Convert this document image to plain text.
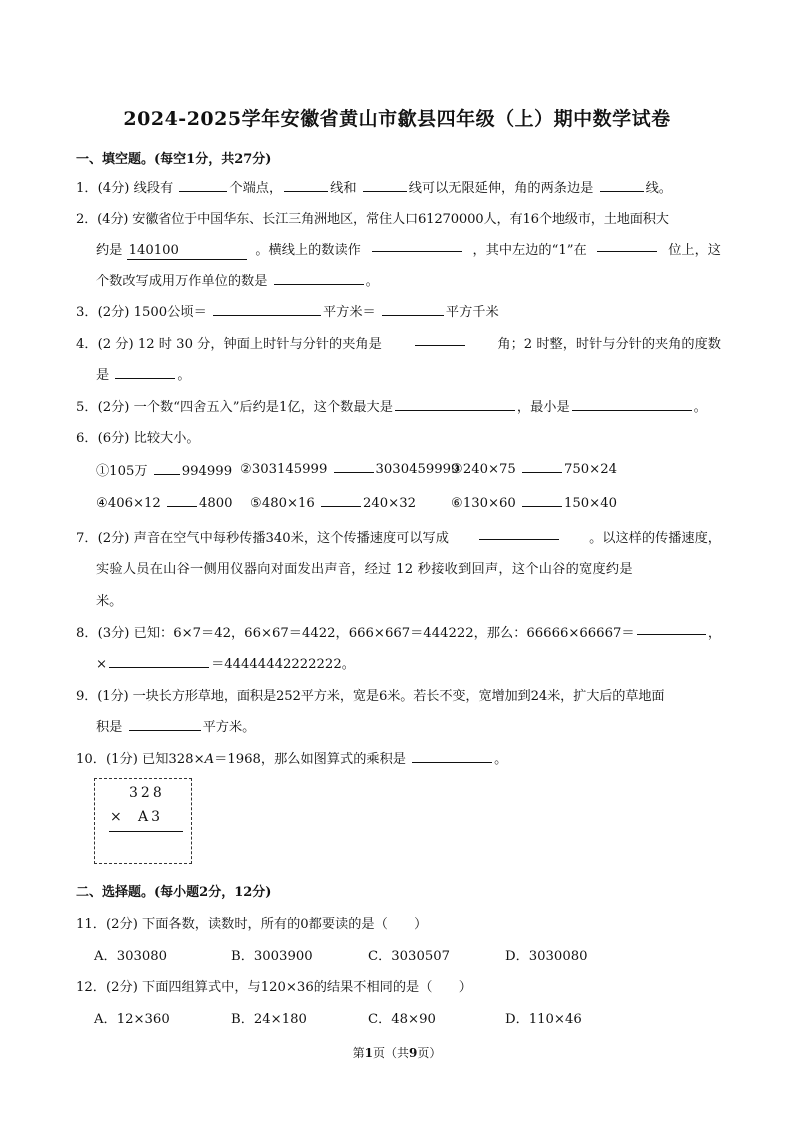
2024-2025学年安徽省黄山市歙县四年级（上）期中数学试卷
一、填空题。(每空1分，共27分)
1．(4分) 线段有	个端点，	线和	线可以无限延伸，角的两条边是	线。
2．(4分) 安徽省位于中国华东、长江三角洲地区，常住人口61270000人，有16个地级市，土地面积大
约是 140100	。横线上的数读作	，其中左边的“1”在	位上，这
个数改写成用万作单位的数是	。
3．(2分) 1500公顷＝	平方米＝	平方千米
4．(2 分) 12 时 30 分，钟面上时针与分针的夹角是	角；2 时整，时针与分针的夹角的度数
是	。
5．(2分) 一个数“四舍五入”后约是1亿，这个数最大是	，最小是	。
6．(6分) 比较大小。
①105万 994999 ②303145999	3030459999
③240×75	750×24
④406×12	4800	⑤480×16	240×32	⑥130×60	150×40
7．(2分) 声音在空气中每秒传播340米，这个传播速度可以写成	。以这样的传播速度，
实验人员在山谷一侧用仪器向对面发出声音，经过 12 秒接收到回声，这个山谷的宽度约是
米。
8．(3分) 已知：6×7＝42，66×67＝4422，666×667＝444222，那么：66666×66667＝	，
×	＝44444442222222。
9．(1分) 一块长方形草地，面积是252平方米，宽是6米。若长不变，宽增加到24米，扩大后的草地面
积是	平方米。
10．(1分) 已知328×A＝1968，那么如图算式的乘积是	。
328
× A3
二、选择题。(每小题2分，12分)
11．(2分) 下面各数，读数时，所有的0都要读的是（　　）
A．303080	B．3003900	C．3030507	D．3030080
12．(2分) 下面四组算式中，与120×36的结果不相同的是（　　）
A．12×360	B．24×180	C．48×90	D．110×46
第1页（共9页）
